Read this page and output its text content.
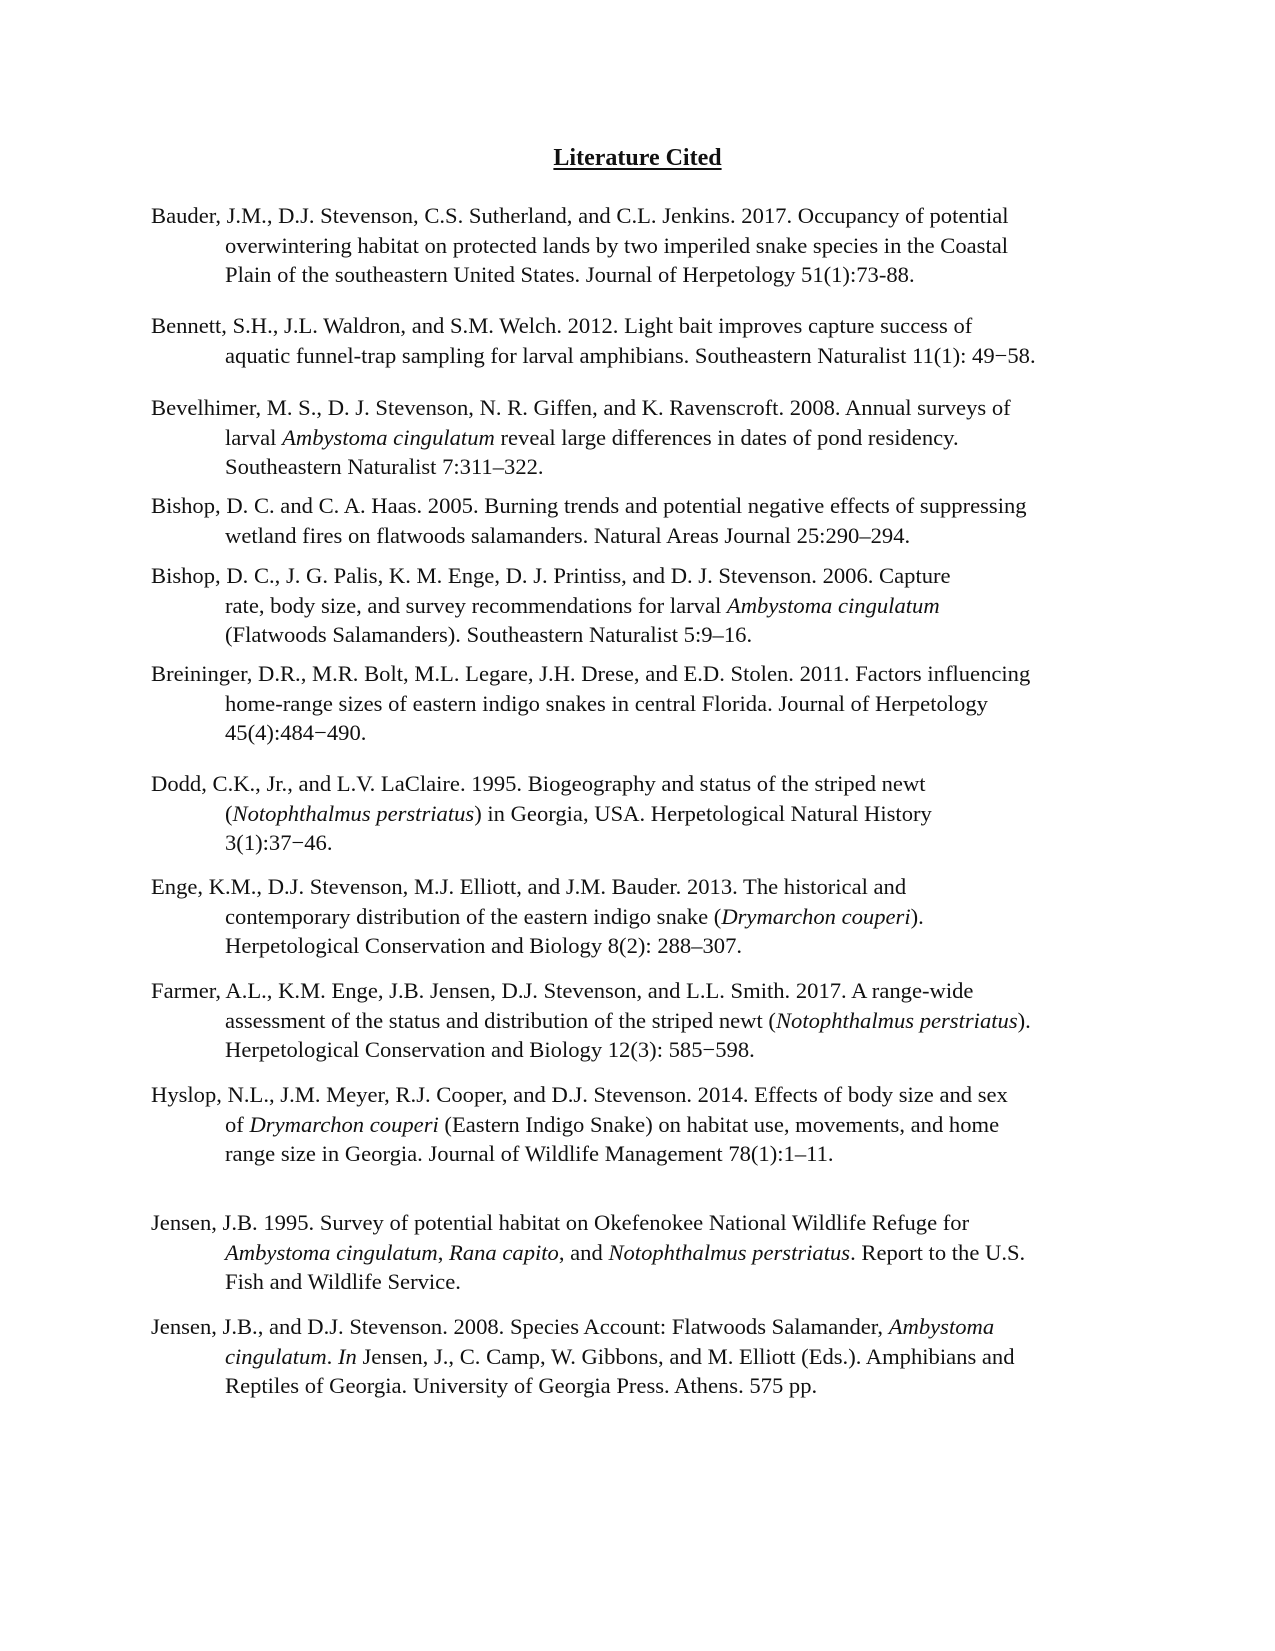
Literature Cited

Bauder, J.M., D.J. Stevenson, C.S. Sutherland, and C.L. Jenkins. 2017. Occupancy of potential
overwintering habitat on protected lands by two imperiled snake species in the Coastal
Plain of the southeastern United States. Journal of Herpetology 51(1):73-88.

Bennett, S.H., J.L. Waldron, and S.M. Welch. 2012. Light bait improves capture success of
aquatic funnel-trap sampling for larval amphibians. Southeastern Naturalist 11(1): 49−58.

Bevelhimer, M. S., D. J. Stevenson, N. R. Giffen, and K. Ravenscroft. 2008. Annual surveys of
larval Ambystoma cingulatum reveal large differences in dates of pond residency.
Southeastern Naturalist 7:311–322.

Bishop, D. C. and C. A. Haas. 2005. Burning trends and potential negative effects of suppressing
wetland fires on flatwoods salamanders. Natural Areas Journal 25:290–294.

Bishop, D. C., J. G. Palis, K. M. Enge, D. J. Printiss, and D. J. Stevenson. 2006. Capture
rate, body size, and survey recommendations for larval Ambystoma cingulatum
(Flatwoods Salamanders). Southeastern Naturalist 5:9–16.

Breininger, D.R., M.R. Bolt, M.L. Legare, J.H. Drese, and E.D. Stolen. 2011. Factors influencing
home-range sizes of eastern indigo snakes in central Florida. Journal of Herpetology
45(4):484−490.

Dodd, C.K., Jr., and L.V. LaClaire. 1995. Biogeography and status of the striped newt
(Notophthalmus perstriatus) in Georgia, USA. Herpetological Natural History
3(1):37−46.

Enge, K.M., D.J. Stevenson, M.J. Elliott, and J.M. Bauder. 2013. The historical and
contemporary distribution of the eastern indigo snake (Drymarchon couperi).
Herpetological Conservation and Biology 8(2): 288–307.

Farmer, A.L., K.M. Enge, J.B. Jensen, D.J. Stevenson, and L.L. Smith. 2017. A range-wide
assessment of the status and distribution of the striped newt (Notophthalmus perstriatus).
Herpetological Conservation and Biology 12(3): 585−598.

Hyslop, N.L., J.M. Meyer, R.J. Cooper, and D.J. Stevenson. 2014. Effects of body size and sex
of Drymarchon couperi (Eastern Indigo Snake) on habitat use, movements, and home
range size in Georgia. Journal of Wildlife Management 78(1):1–11.

Jensen, J.B. 1995. Survey of potential habitat on Okefenokee National Wildlife Refuge for
Ambystoma cingulatum, Rana capito, and Notophthalmus perstriatus. Report to the U.S.
Fish and Wildlife Service.

Jensen, J.B., and D.J. Stevenson. 2008. Species Account: Flatwoods Salamander, Ambystoma
cingulatum. In Jensen, J., C. Camp, W. Gibbons, and M. Elliott (Eds.). Amphibians and
Reptiles of Georgia. University of Georgia Press. Athens. 575 pp.
